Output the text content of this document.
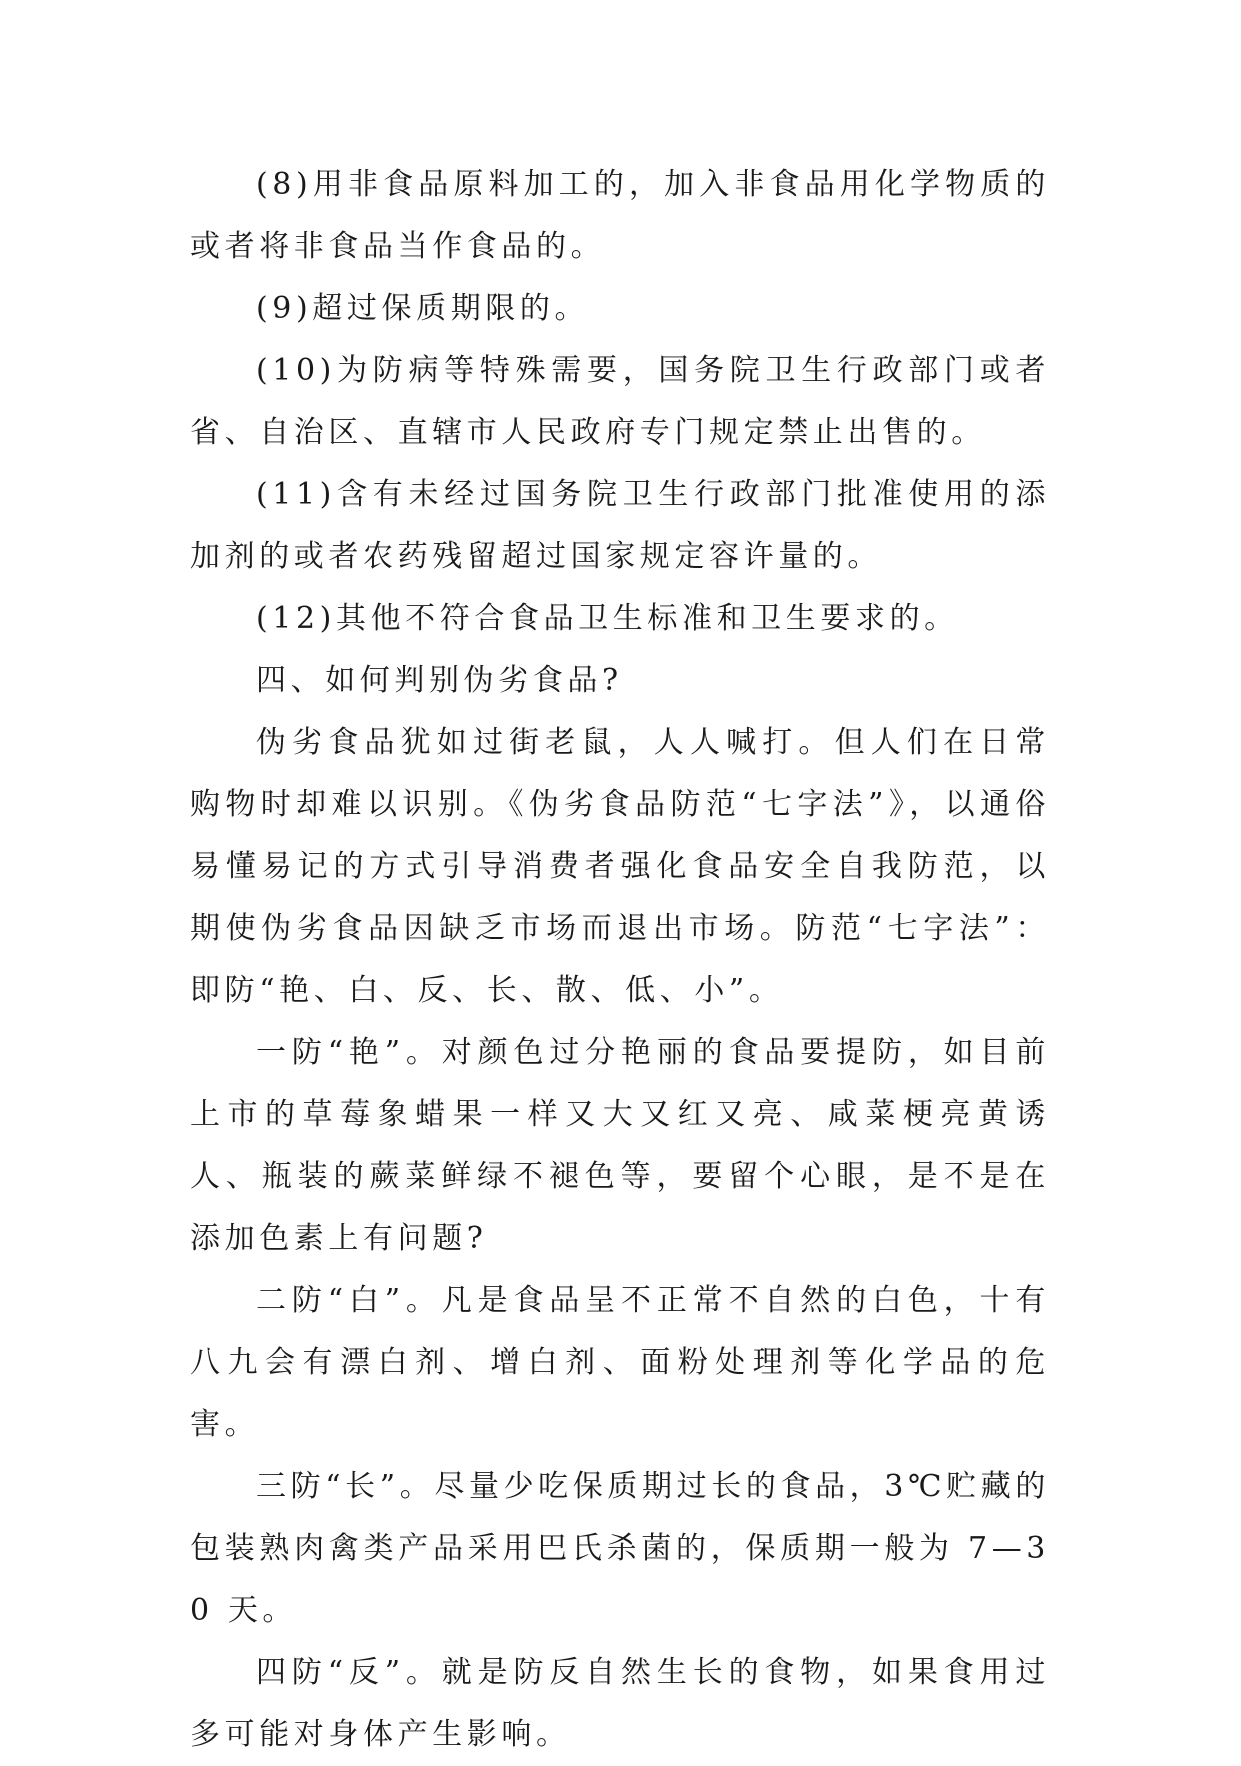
(8)用非食品原料加工的，加入非食品用化学物质的或者将非食品当作食品的。

(9)超过保质期限的。

(10)为防病等特殊需要，国务院卫生行政部门或者省、自治区、直辖市人民政府专门规定禁止出售的。

(11)含有未经过国务院卫生行政部门批准使用的添加剂的或者农药残留超过国家规定容许量的。

(12)其他不符合食品卫生标准和卫生要求的。

四、如何判别伪劣食品?

伪劣食品犹如过街老鼠，人人喊打。但人们在日常购物时却难以识别。《伪劣食品防范“七字法”》，以通俗易懂易记的方式引导消费者强化食品安全自我防范，以期使伪劣食品因缺乏市场而退出市场。防范“七字法”：即防“艳、白、反、长、散、低、小”。

一防“艳”。对颜色过分艳丽的食品要提防，如目前上市的草莓象蜡果一样又大又红又亮、咸菜梗亮黄诱人、瓶装的蕨菜鲜绿不褪色等，要留个心眼，是不是在添加色素上有问题?

二防“白”。凡是食品呈不正常不自然的白色，十有八九会有漂白剂、增白剂、面粉处理剂等化学品的危害。

三防“长”。尽量少吃保质期过长的食品，3℃贮藏的包装熟肉禽类产品采用巴氏杀菌的，保质期一般为 7—30 天。

四防“反”。就是防反自然生长的食物，如果食用过多可能对身体产生影响。
